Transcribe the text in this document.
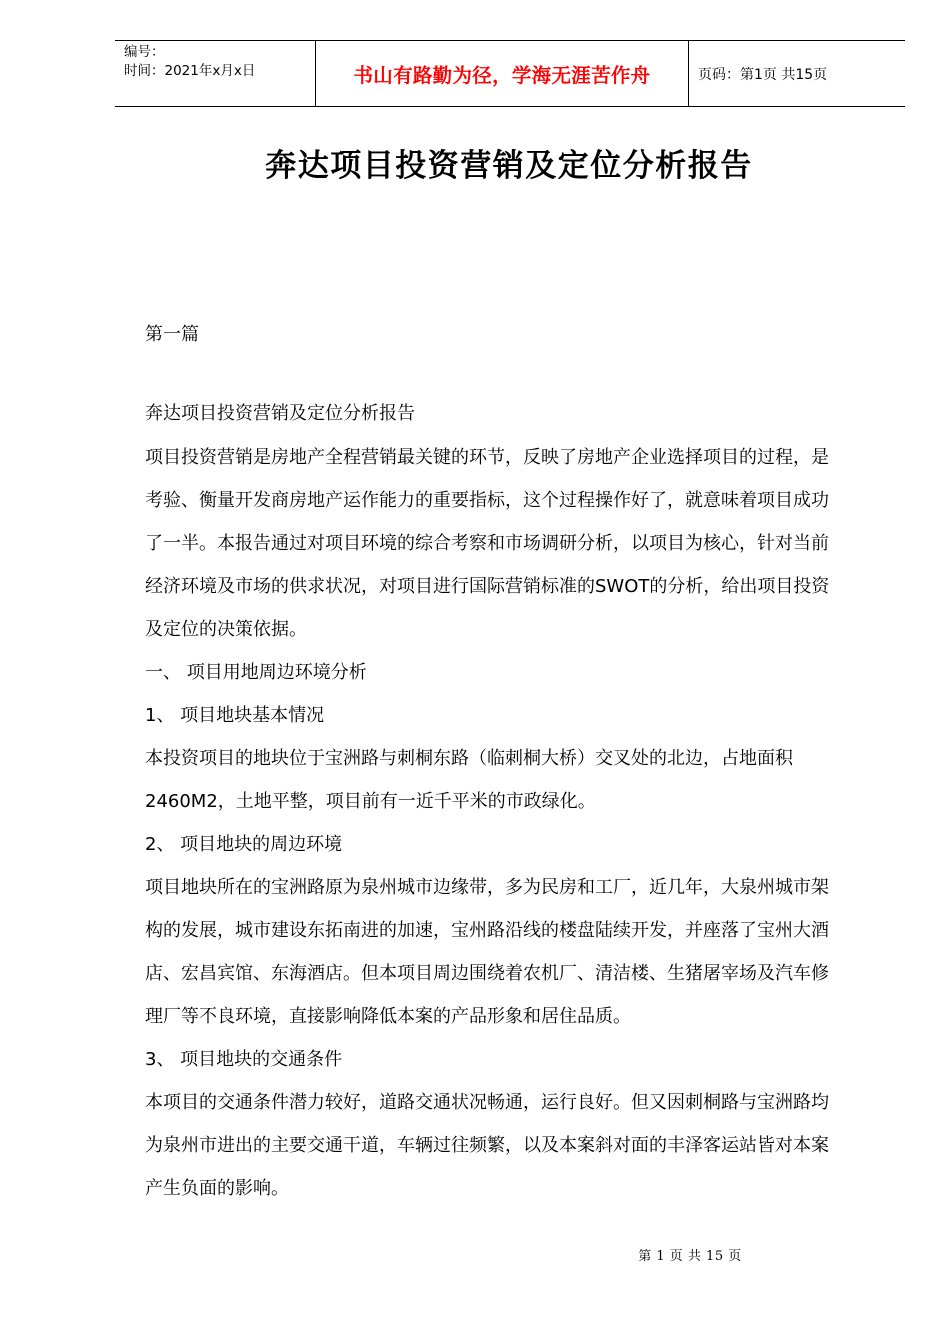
编号：
时间：2021年x月x日	书山有路勤为径，学海无涯苦作舟	页码：第1页 共15页
奔达项目投资营销及定位分析报告

第一篇

奔达项目投资营销及定位分析报告

项目投资营销是房地产全程营销最关键的环节，反映了房地产企业选择项目的过程，是

考验、衡量开发商房地产运作能力的重要指标，这个过程操作好了，就意味着项目成功

了一半。本报告通过对项目环境的综合考察和市场调研分析，以项目为核心，针对当前

经济环境及市场的供求状况，对项目进行国际营销标准的SWOT的分析，给出项目投资

及定位的决策依据。

一、 项目用地周边环境分析

1、 项目地块基本情况

本投资项目的地块位于宝洲路与刺桐东路（临刺桐大桥）交叉处的北边，占地面积

2460M2，土地平整，项目前有一近千平米的市政绿化。

2、 项目地块的周边环境

项目地块所在的宝洲路原为泉州城市边缘带，多为民房和工厂，近几年，大泉州城市架

构的发展，城市建设东拓南进的加速，宝州路沿线的楼盘陆续开发，并座落了宝州大酒

店、宏昌宾馆、东海酒店。但本项目周边围绕着农机厂、清洁楼、生猪屠宰场及汽车修

理厂等不良环境，直接影响降低本案的产品形象和居住品质。

3、 项目地块的交通条件

本项目的交通条件潜力较好，道路交通状况畅通，运行良好。但又因刺桐路与宝洲路均

为泉州市进出的主要交通干道，车辆过往频繁，以及本案斜对面的丰泽客运站皆对本案

产生负面的影响。

第 1 页 共 15 页
